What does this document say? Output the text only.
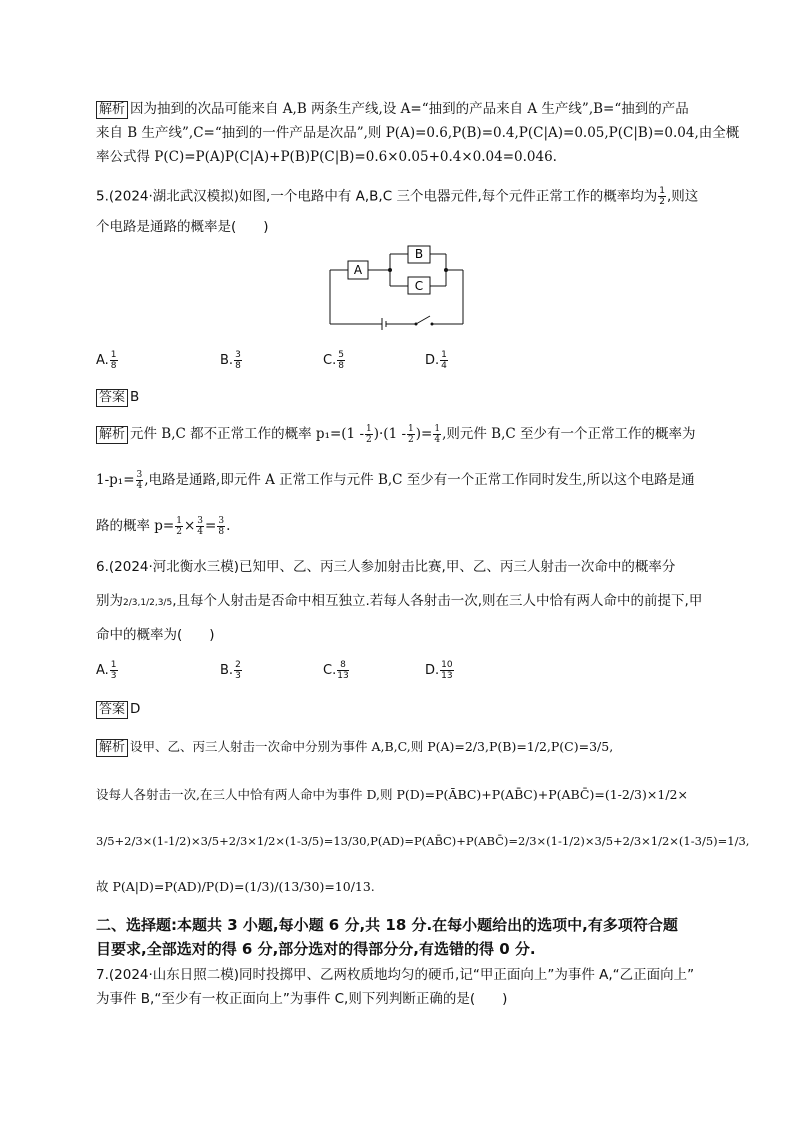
解析 因为抽到的次品可能来自 A,B 两条生产线,设 A=“抽到的产品来自 A 生产线”,B=“抽到的产品
来自 B 生产线”,C=“抽到的一件产品是次品”,则 P(A)=0.6,P(B)=0.4,P(C|A)=0.05,P(C|B)=0.04,由全概
率公式得 P(C)=P(A)P(C|A)+P(B)P(C|B)=0.6×0.05+0.4×0.04=0.046.
5.(2024·湖北武汉模拟)如图,一个电路中有 A,B,C 三个电器元件,每个元件正常工作的概率均为 $\frac{1}{2}$ ,则这
个电路是通路的概率是(　　)
A
B
C
A. $\frac{1}{8}$	B. $\frac{3}{8}$	C. $\frac{5}{8}$	D. $\frac{1}{4}$
答案 B
解析 元件 B,C 都不正常工作的概率 $p_1=(1 - \frac{1}{2} )\cdot(1 - \frac{1}{2}$ )= $\frac{1}{4}$ ,则元件 B,C 至少有一个正常工作的概率为
$1-p_1= \frac{3}{4}$ ,电路是通路,即元件 A 正常工作与元件 B,C 至少有一个正常工作同时发生,所以这个电路是通
路的概率 $p= \frac{1}{2} \times \frac{3}{4} = \frac{3}{8}$ .
6.(2024·河北衡水三模)已知甲、乙、丙三人参加射击比赛,甲、乙、丙三人射击一次命中的概率分
别为2/3,1/2,3/5,且每个人射击是否命中相互独立.若每人各射击一次,则在三人中恰有两人命中的前提下,甲
命中的概率为(　　)
A. $\frac{1}{3}$	B. $\frac{2}{3}$	C. $\frac{8}{13}$	D. $\frac{10}{13}$
答案 D
解析 设甲、乙、丙三人射击一次命中分别为事件 A,B,C,则 P(A)=2/3,P(B)=1/2,P(C)=3/5,
设每人各射击一次,在三人中恰有两人命中为事件 D,则 P(D)=P(ĀBC)+P(AB̄C)+P(ABC̄)=(1-2/3)×1/2×
3/5+2/3×(1-1/2)×3/5+2/3×1/2×(1-3/5)=13/30,P(AD)=P(AB̄C)+P(ABC̄)=2/3×(1-1/2)×3/5+2/3×1/2×(1-3/5)=1/3,
故 P(A|D)=P(AD)/P(D)=(1/3)/(13/30)=10/13.
二、选择题:本题共 3 小题,每小题 6 分,共 18 分.在每小题给出的选项中,有多项符合题
目要求,全部选对的得 6 分,部分选对的得部分分,有选错的得 0 分.
7.(2024·山东日照二模)同时投掷甲、乙两枚质地均匀的硬币,记“甲正面向上”为事件 A,“乙正面向上”
为事件 B,“至少有一枚正面向上”为事件 C,则下列判断正确的是(　　)
